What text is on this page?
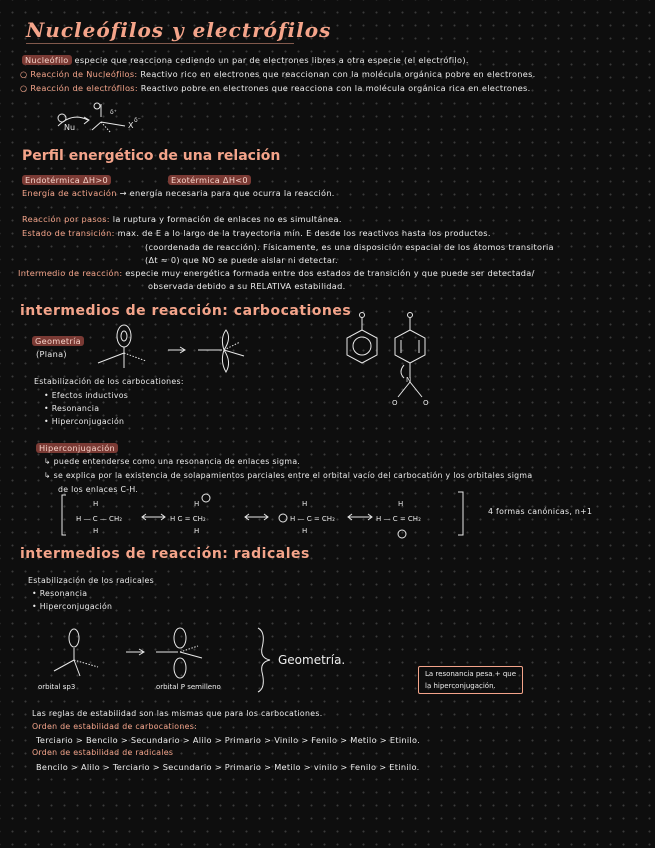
Nucleófilos y electrófilos
Nucleófilo especie que reacciona cediendo un par de electrones libres a otra especie (el electrófilo).
○ Reacción de Nucleófilos: Reactivo rico en electrones que reaccionan con la molécula orgánica pobre en electrones.
○ Reacción de electrófilos: Reactivo pobre en electrones que reacciona con la molécula orgánica rica en electrones.
Nu	X
δ⁺
δ⁻
Perfil energético de una relación
Endotérmica ΔH>0	Exotérmica ΔH<0
Energía de activación → energía necesaria para que ocurra la reacción.
Reacción por pasos: la ruptura y formación de enlaces no es simultánea.
Estado de transición: max. de E a lo largo de la trayectoria mín. E desde los reactivos hasta los productos.
(coordenada de reacción). Físicamente, es una disposición espacial de los átomos transitoria
(Δt ≈ 0) que NO se puede aislar ni detectar.
Intermedio de reacción: especie muy energética formada entre dos estados de transición y que puede ser detectada/
observada debido a su RELATIVA estabilidad.
intermedios de reacción: carbocationes
Geometría
(Plana)
N
O	O
Estabilización de los carbocationes:
• Efectos inductivos
• Resonancia
• Hiperconjugación
Hiperconjugación
↳ puede entenderse como una resonancia de enlaces sigma.
↳ se explica por la existencia de solapamientos parciales entre el orbital vacío del carbocatión y los orbitales sigma
de los enlaces C-H.
H — C — CH₂
H
H
H C = CH₂
H
H
H — C = CH₂
H
H
H — C = CH₂
H
4 formas canónicas, n+1
intermedios de reacción: radicales
Estabilización de los radicales
• Resonancia
• Hiperconjugación
orbital sp3	orbital P semilleno
Geometría.
La resonancia pesa + que
la hiperconjugación.
Las reglas de estabilidad son las mismas que para los carbocationes.
Orden de estabilidad de carbocationes:
Terciario > Bencilo > Secundario > Alilo > Primario > Vinilo > Fenilo > Metilo > Etinilo.
Orden de estabilidad de radicales
Bencilo > Alilo > Terciario > Secundario > Primario > Metilo > vinilo > Fenilo > Etinilo.
